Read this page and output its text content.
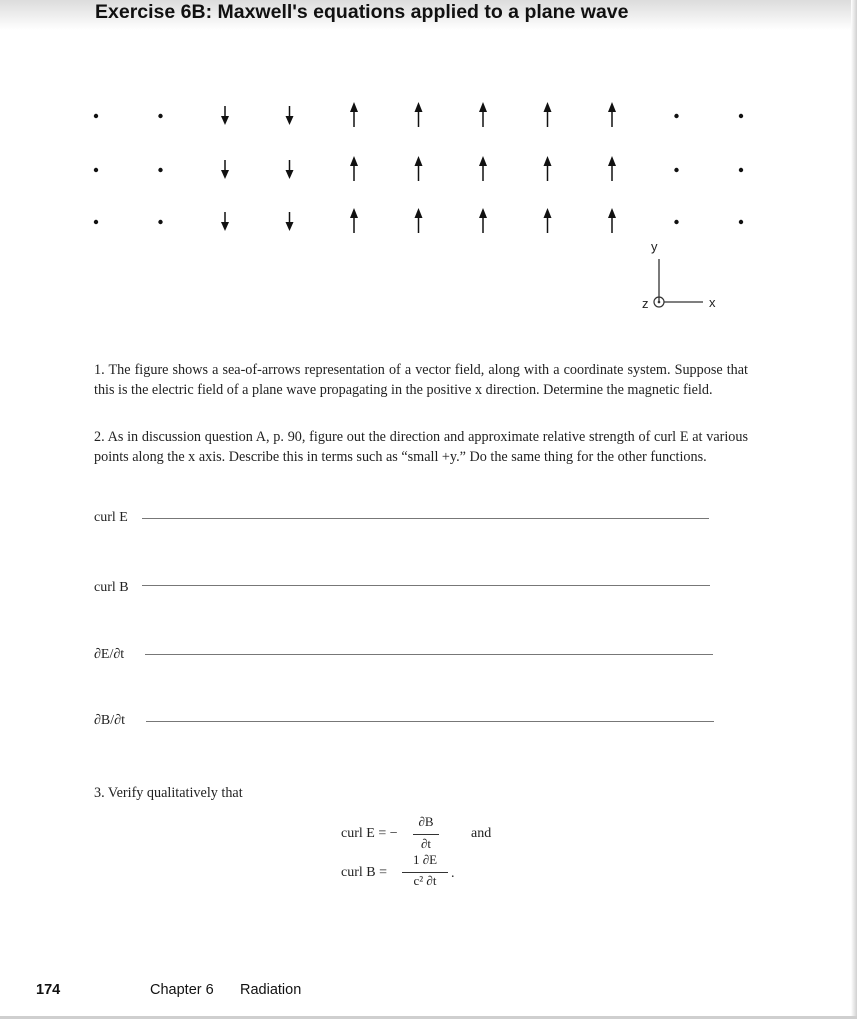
Exercise 6B: Maxwell's equations applied to a plane wave
y
x
z
1. The figure shows a sea-of-arrows representation of a vector field, along with a coordinate system. Suppose that this is the electric field of a plane wave propagating in the positive x direction. Determine the magnetic field.
2. As in discussion question A, p. 90, figure out the direction and approximate relative strength of curl E at various points along the x axis. Describe this in terms such as “small +y.” Do the same thing for the other functions.
curl E
curl B
∂E/∂t
∂B/∂t
3. Verify qualitatively that
curl E = −
∂B
∂t
and
curl B =
1 ∂E
c² ∂t	.
174	Chapter 6 Radiation
